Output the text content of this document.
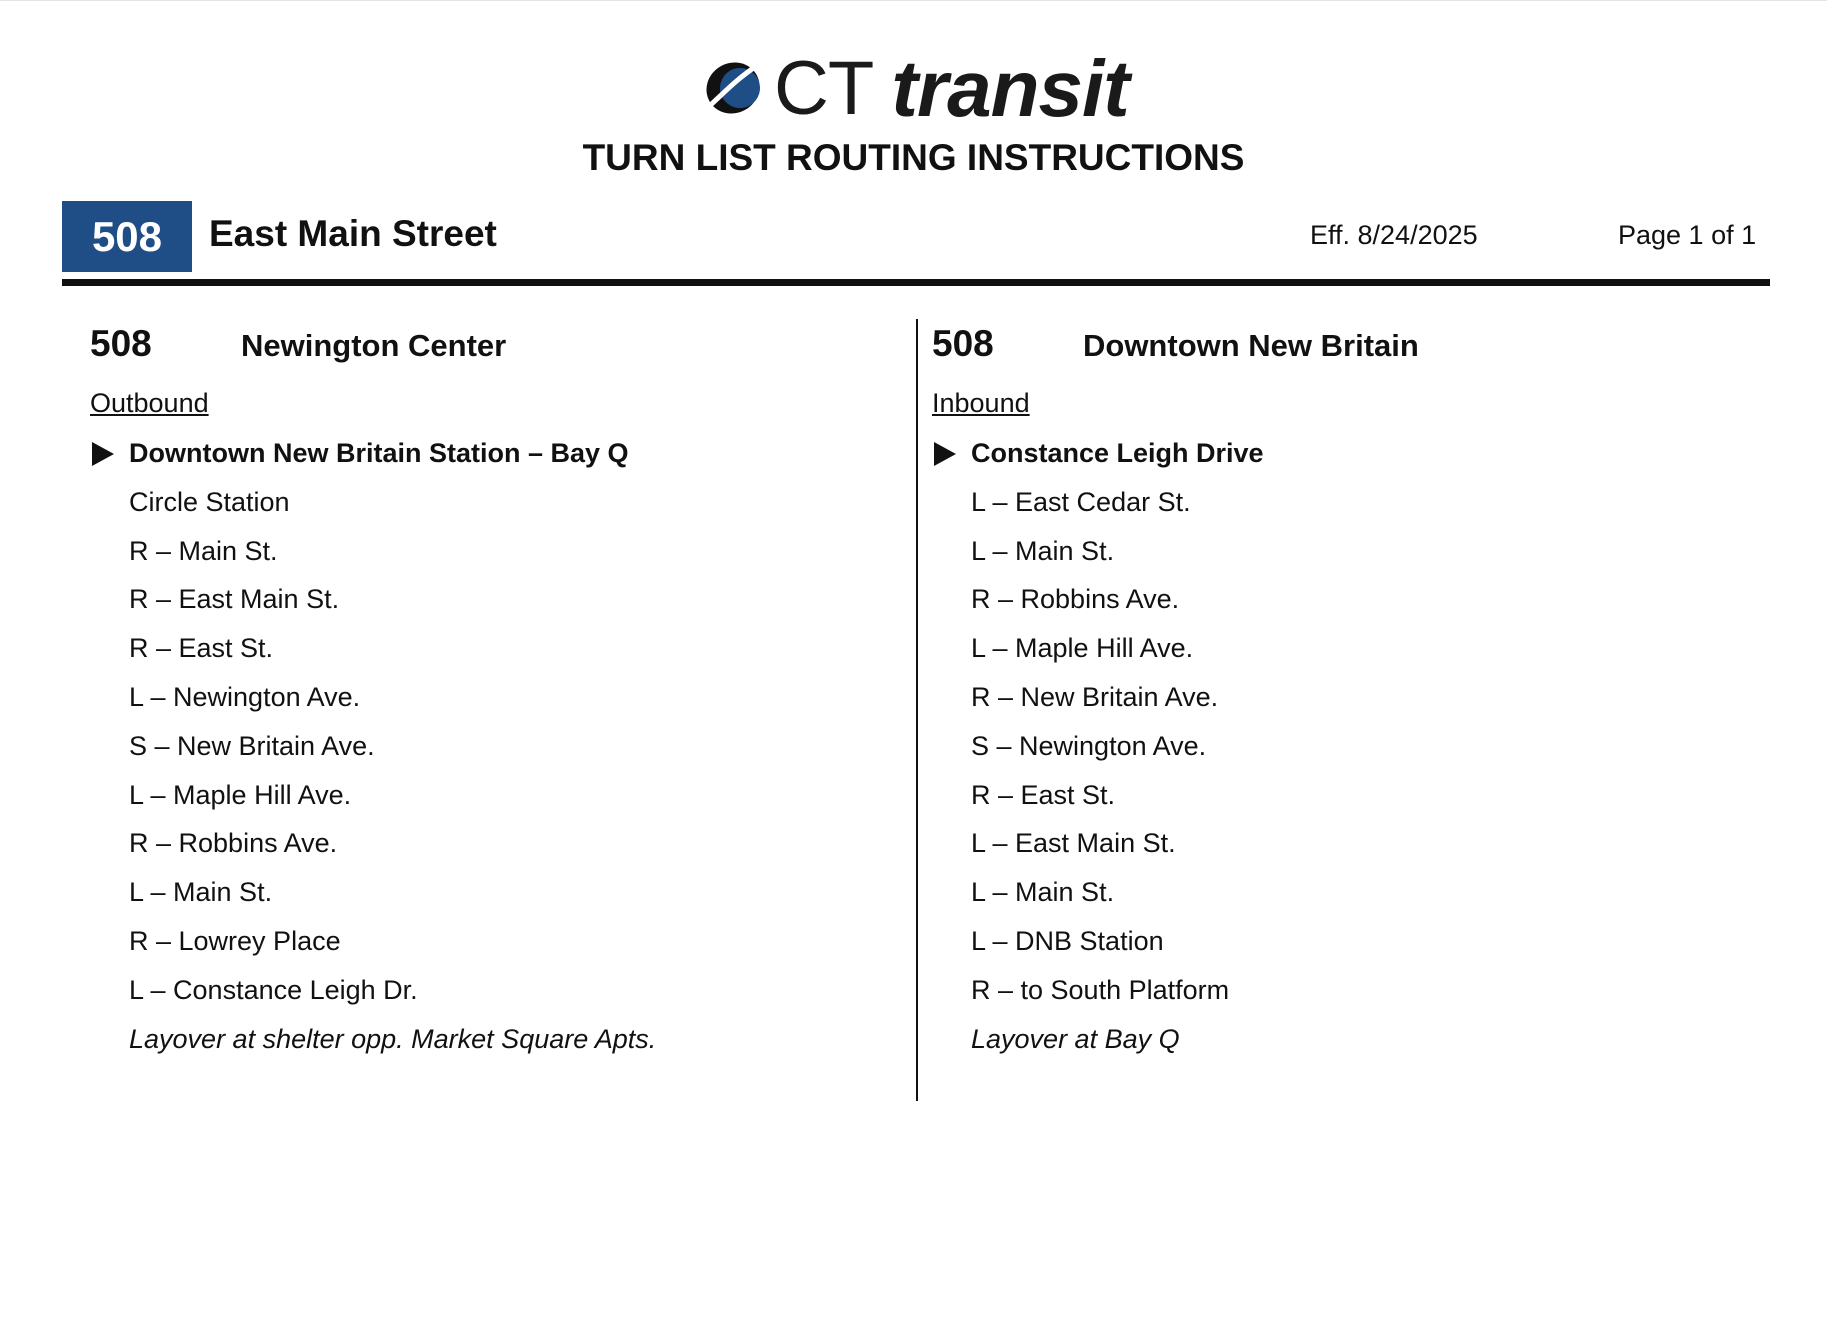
CT transit
TURN LIST ROUTING INSTRUCTIONS
508	East Main Street	Eff. 8/24/2025	Page 1 of 1
508	Newington Center
Outbound
Downtown New Britain Station – Bay Q
Circle Station
R – Main St.
R – East Main St.
R – East St.
L – Newington Ave.
S – New Britain Ave.
L – Maple Hill Ave.
R – Robbins Ave.
L – Main St.
R – Lowrey Place
L – Constance Leigh Dr.
Layover at shelter opp. Market Square Apts.
508	Downtown New Britain
Inbound
Constance Leigh Drive
L – East Cedar St.
L – Main St.
R – Robbins Ave.
L – Maple Hill Ave.
R – New Britain Ave.
S – Newington Ave.
R – East St.
L – East Main St.
L – Main St.
L – DNB Station
R – to South Platform
Layover at Bay Q
